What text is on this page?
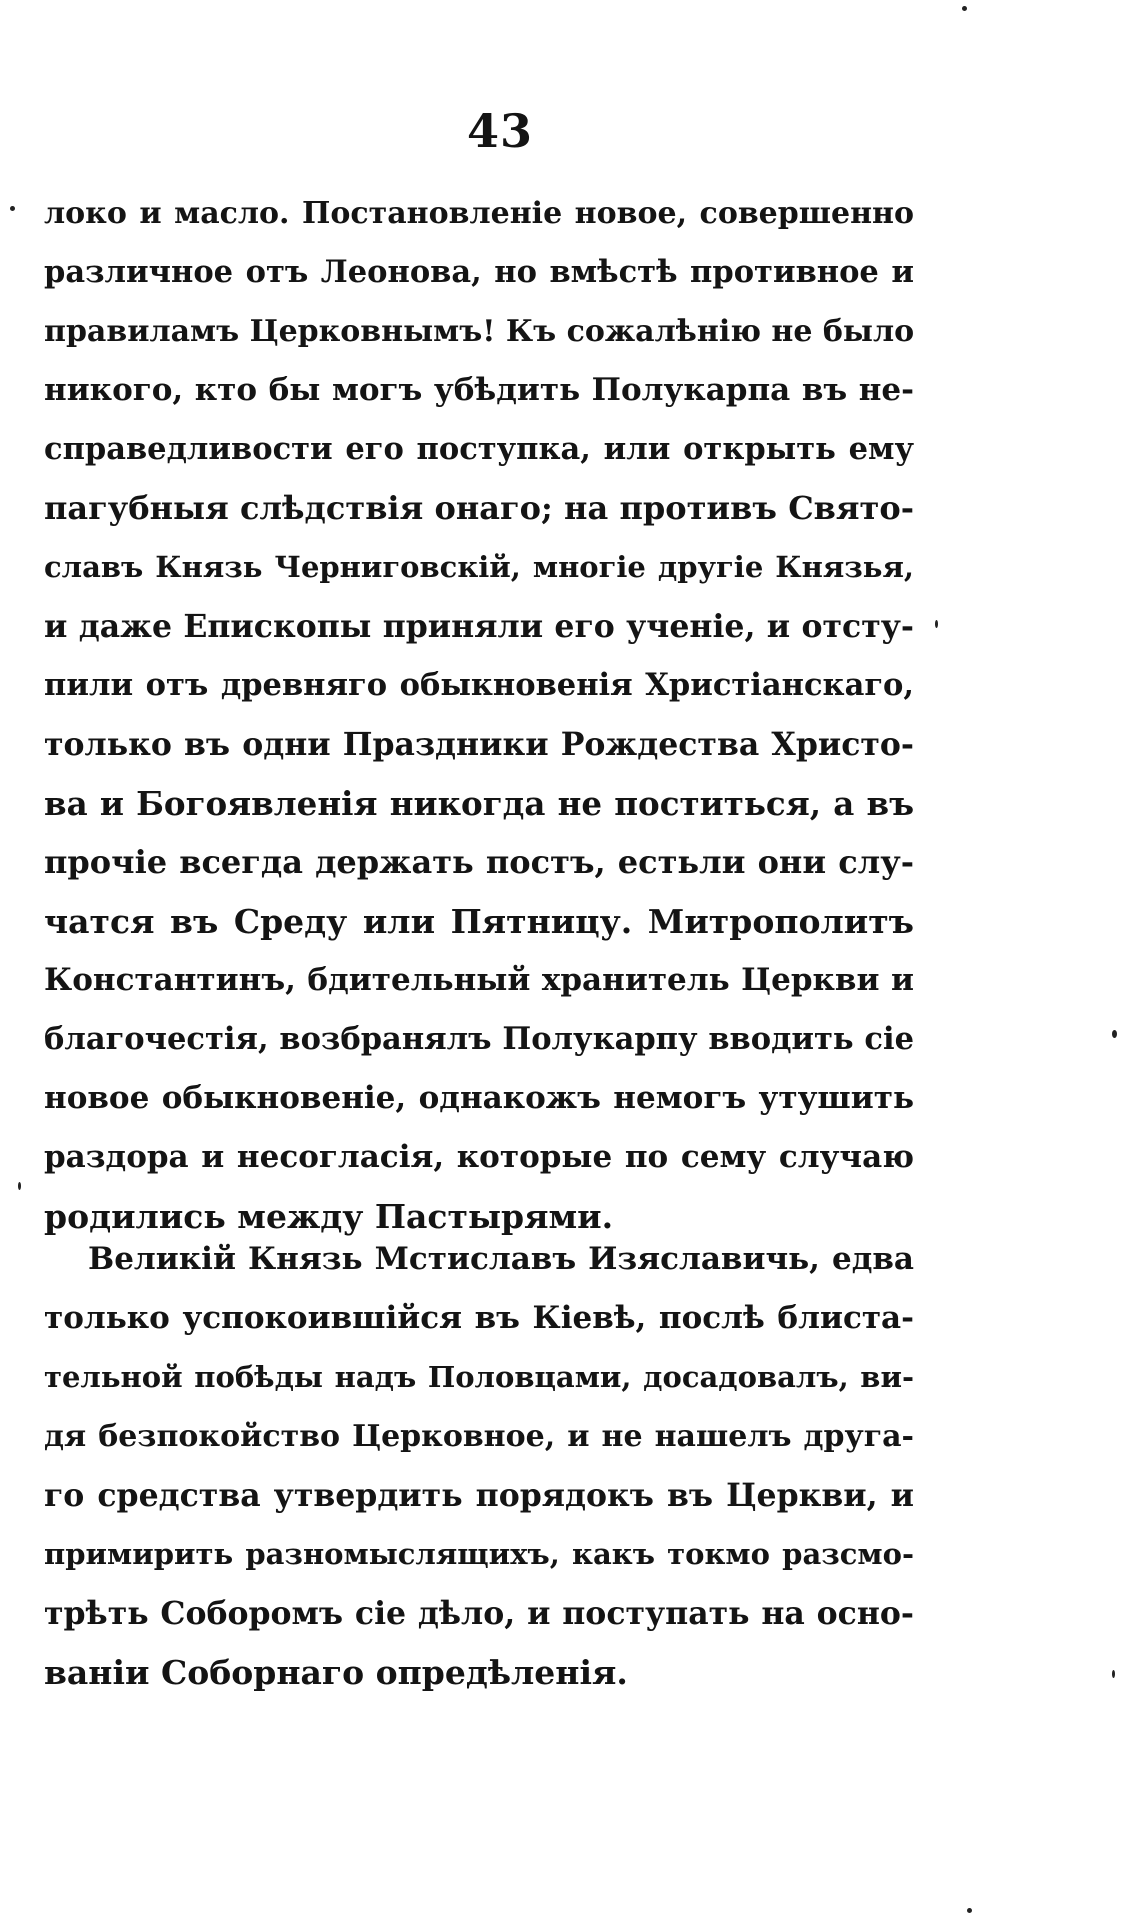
43
локо и масло. Постановленіе новое, совершенно
различное отъ Леонова, но вмѣстѣ противное и
правиламъ Церковнымъ! Къ сожалѣнію не было
никого, кто бы могъ убѣдить Полукарпа въ не-
справедливости его поступка, или открыть ему
пагубныя слѣдствія онаго; на противъ Свято-
славъ Князь Черниговскій, многіе другіе Князья,
и даже Епископы приняли его ученіе, и отсту-
пили отъ древняго обыкновенія Христіанскаго,
только въ одни Праздники Рождества Христо-
ва и Богоявленія никогда не поститься, а въ
прочіе всегда держать постъ, естьли они слу-
чатся въ Среду или Пятницу. Митрополитъ
Константинъ, бдительный хранитель Церкви и
благочестія, возбранялъ Полукарпу вводить сіе
новое обыкновеніе, однакожъ немогъ утушить
раздора и несогласія, которые по сему случаю
родились между Пастырями.
Великій Князь Мстиславъ Изяславичь, едва
только успокоившійся въ Кіевѣ, послѣ блиста-
тельной побѣды надъ Половцами, досадовалъ, ви-
дя безпокойство Церковное, и не нашелъ друга-
го средства утвердить порядокъ въ Церкви, и
примирить разномыслящихъ, какъ токмо разсмо-
трѣть Соборомъ сіе дѣло, и поступать на осно-
ваніи Соборнаго опредѣленія.
